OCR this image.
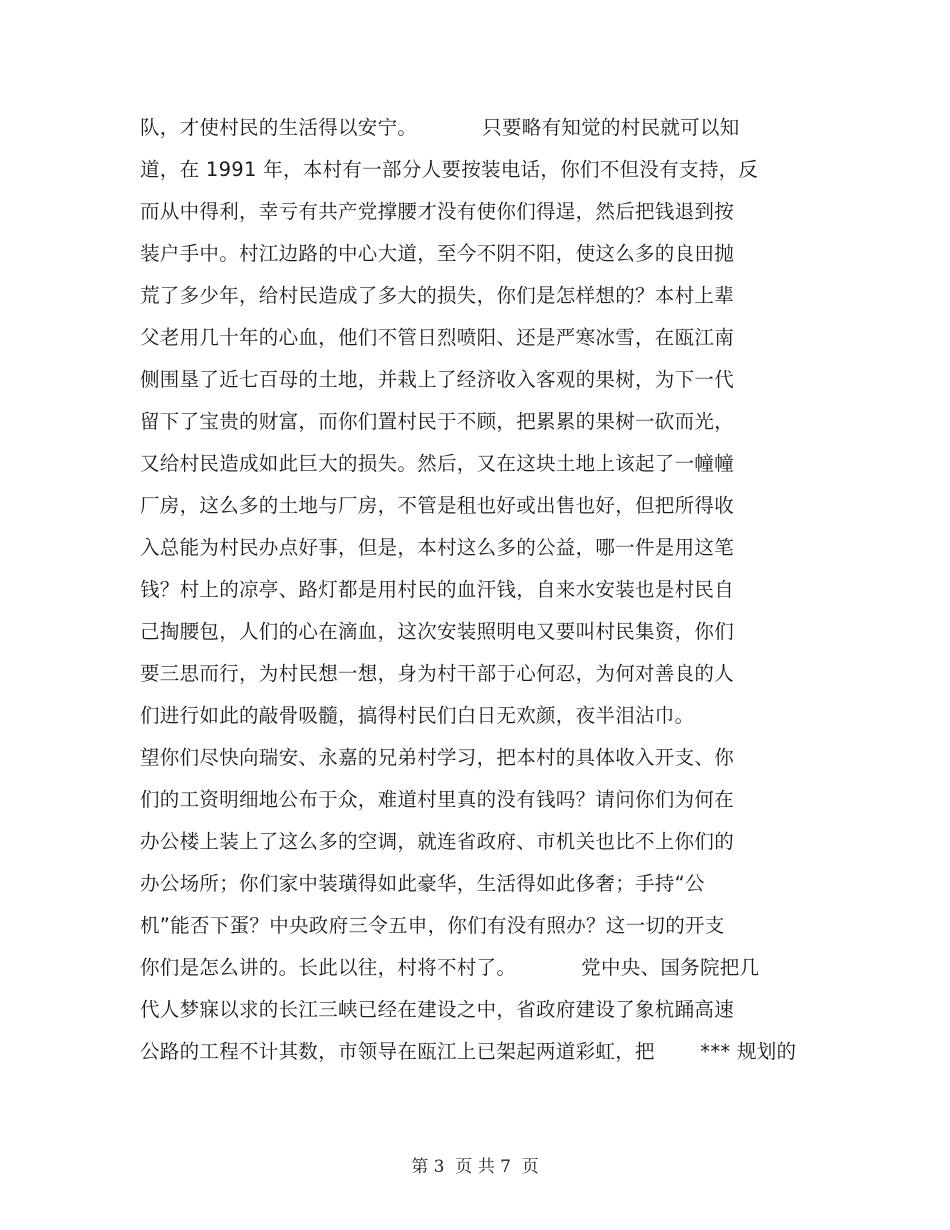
队，才使村民的生活得以安宁。          只要略有知觉的村民就可以知
道，在 1991 年，本村有一部分人要按装电话，你们不但没有支持，反
而从中得利，幸亏有共产党撑腰才没有使你们得逞，然后把钱退到按
装户手中。村江边路的中心大道，至今不阴不阳，使这么多的良田抛
荒了多少年，给村民造成了多大的损失，你们是怎样想的？本村上辈
父老用几十年的心血，他们不管日烈喷阳、还是严寒冰雪，在瓯江南
侧围垦了近七百母的土地，并栽上了经济收入客观的果树，为下一代
留下了宝贵的财富，而你们置村民于不顾，把累累的果树一砍而光，
又给村民造成如此巨大的损失。然后，又在这块土地上该起了一幢幢
厂房，这么多的土地与厂房，不管是租也好或出售也好，但把所得收
入总能为村民办点好事，但是，本村这么多的公益，哪一件是用这笔
钱？村上的凉亭、路灯都是用村民的血汗钱，自来水安装也是村民自
己掏腰包，人们的心在滴血，这次安装照明电又要叫村民集资，你们
要三思而行，为村民想一想，身为村干部于心何忍，为何对善良的人
们进行如此的敲骨吸髓，搞得村民们白日无欢颜，夜半泪沾巾。
望你们尽快向瑞安、永嘉的兄弟村学习，把本村的具体收入开支、你
们的工资明细地公布于众，难道村里真的没有钱吗？请问你们为何在
办公楼上装上了这么多的空调，就连省政府、市机关也比不上你们的
办公场所；你们家中装璜得如此豪华，生活得如此侈奢；手持“公
机”能否下蛋？中央政府三令五申，你们有没有照办？这一切的开支
你们是怎么讲的。长此以往，村将不村了。          党中央、国务院把几
代人梦寐以求的长江三峡已经在建设之中，省政府建设了象杭踊高速
公路的工程不计其数，市领导在瓯江上已架起两道彩虹，把       *** 规划的
第 3  页 共 7  页
